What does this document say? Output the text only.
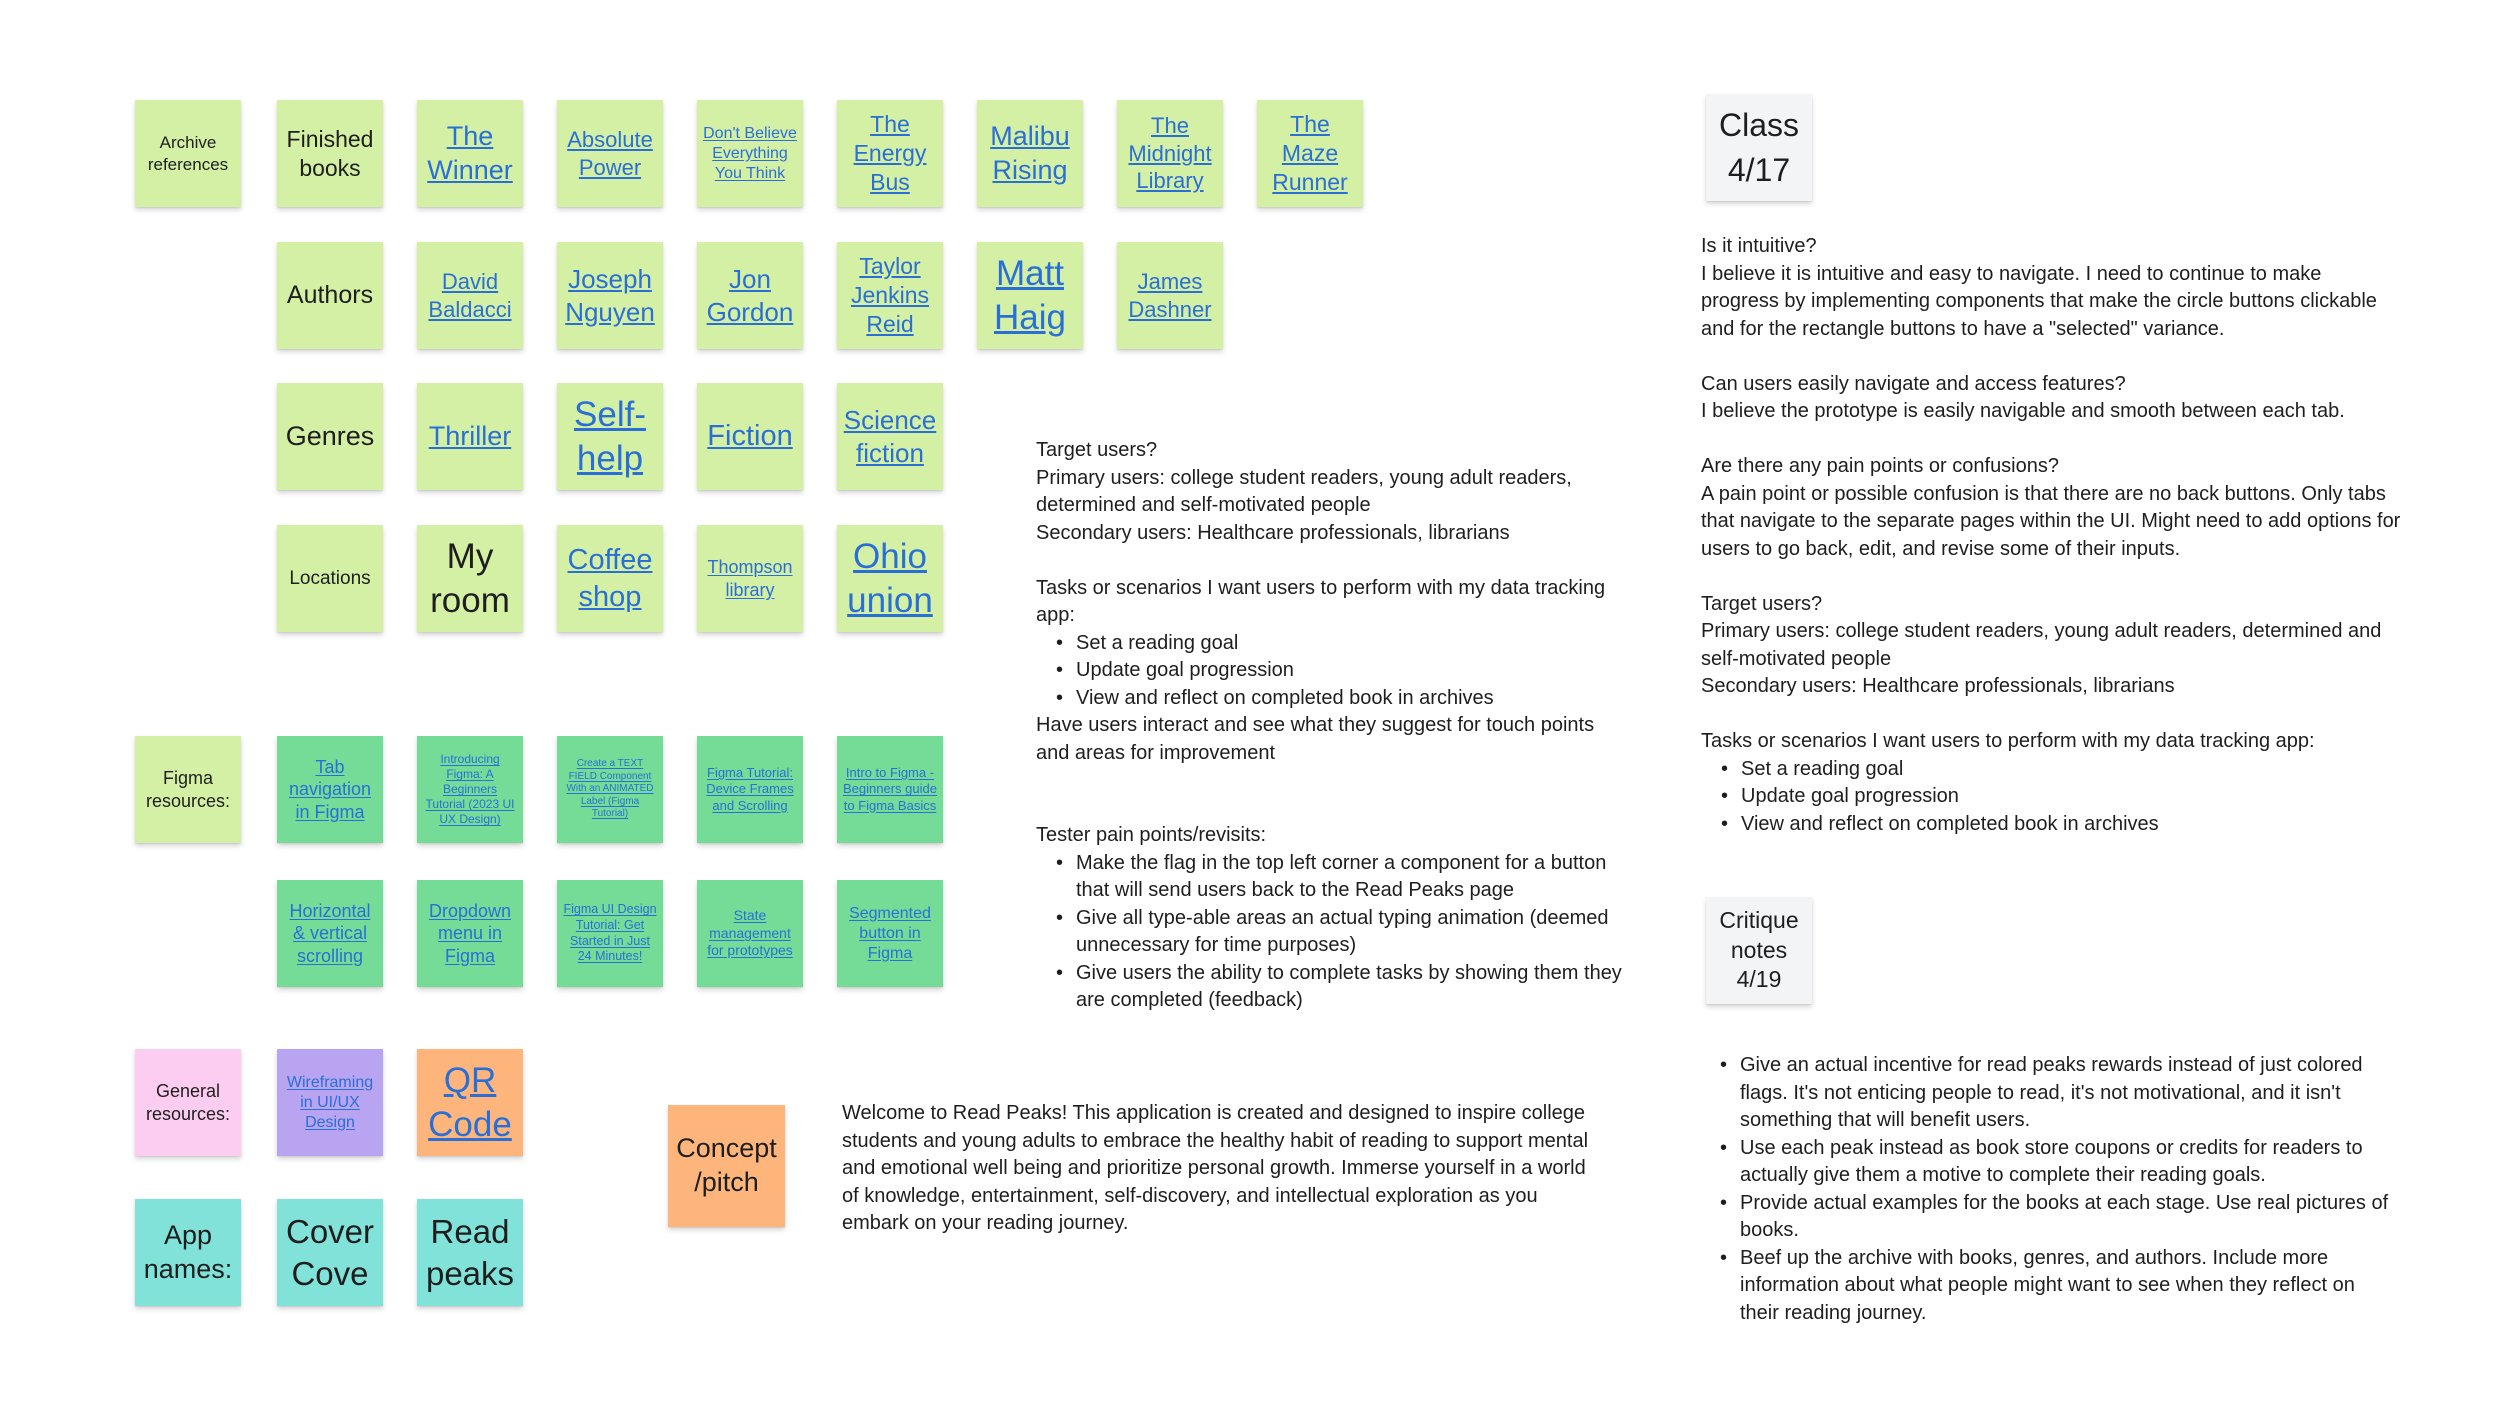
Archive references
Finished books
The Winner
Absolute Power
Don't Believe Everything You Think
The Energy Bus
Malibu Rising
The Midnight Library
The Maze Runner
Authors	David Baldacci
Joseph Nguyen
Jon Gordon
Taylor Jenkins Reid
Matt Haig
James Dashner
Genres Thriller
Self-help
Fiction
Science fiction
Locations
My room
Coffee shop
Thompson library
Ohio union
Figma resources:
Tab navigation in Figma
Introducing Figma: A Beginners Tutorial (2023 UI UX Design)
Create a TEXT FIELD Component With an ANIMATED Label (Figma Tutorial)
Figma Tutorial: Device Frames and Scrolling
Intro to Figma - Beginners guide to Figma Basics
Horizontal & vertical scrolling
Dropdown menu in Figma
Figma UI Design Tutorial: Get Started in Just 24 Minutes!
State management for prototypes
Segmented button in Figma
General resources:
Wireframing in UI/UX Design
QR Code
App names:
Cover Cove
Read peaks
Concept /pitch

Welcome to Read Peaks! This application is created and designed to inspire college students and young adults to embrace the healthy habit of reading to support mental and emotional well being and prioritize personal growth. Immerse yourself in a world of knowledge, entertainment, self-discovery, and intellectual exploration as you embark on your reading journey.

Target users?

Primary users: college student readers, young adult readers, determined and self-motivated people

Secondary users: Healthcare professionals, librarians

Tasks or scenarios I want users to perform with my data tracking app:

• Set a reading goal
• Update goal progression
• View and reflect on completed book in archives

Have users interact and see what they suggest for touch points and areas for improvement

Tester pain points/revisits:

• Make the flag in the top left corner a component for a button that will send users back to the Read Peaks page
• Give all type-able areas an actual typing animation (deemed unnecessary for time purposes)
• Give users the ability to complete tasks by showing them they are completed (feedback)
Class 4/17

Is it intuitive?

I believe it is intuitive and easy to navigate. I need to continue to make progress by implementing components that make the circle buttons clickable and for the rectangle buttons to have a "selected" variance.

Can users easily navigate and access features?

I believe the prototype is easily navigable and smooth between each tab.

Are there any pain points or confusions?

A pain point or possible confusion is that there are no back buttons. Only tabs that navigate to the separate pages within the UI. Might need to add options for users to go back, edit, and revise some of their inputs.

Target users?

Primary users: college student readers, young adult readers, determined and self-motivated people

Secondary users: Healthcare professionals, librarians

Tasks or scenarios I want users to perform with my data tracking app:

• Set a reading goal
• Update goal progression
• View and reflect on completed book in archives
Critique notes 4/19
• Give an actual incentive for read peaks rewards instead of just colored flags. It's not enticing people to read, it's not motivational, and it isn't something that will benefit users.
• Use each peak instead as book store coupons or credits for readers to actually give them a motive to complete their reading goals.
• Provide actual examples for the books at each stage. Use real pictures of books.
• Beef up the archive with books, genres, and authors. Include more information about what people might want to see when they reflect on their reading journey.
